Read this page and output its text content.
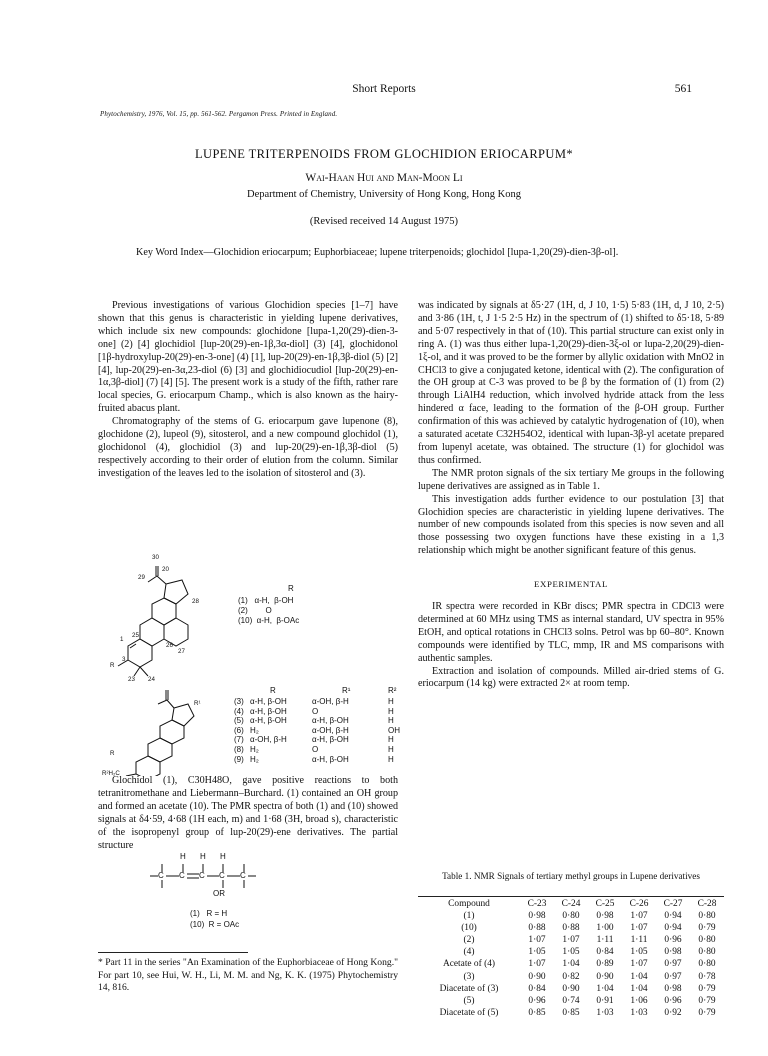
Short Reports	561
Phytochemistry, 1976, Vol. 15, pp. 561-562. Pergamon Press. Printed in England.
LUPENE TRITERPENOIDS FROM GLOCHIDION ERIOCARPUM*
Wai-Haan Hui and Man-Moon Li
Department of Chemistry, University of Hong Kong, Hong Kong
(Revised received 14 August 1975)
Key Word Index—Glochidion eriocarpum; Euphorbiaceae; lupene triterpenoids; glochidol [lupa-1,20(29)-dien-3β-ol].

Previous investigations of various Glochidion species [1–7] have shown that this genus is characteristic in yielding lupene derivatives, which include six new compounds: glochidone [lupa-1,20(29)-dien-3-one] (2) [4] glochidiol [lup-20(29)-en-1β,3α-diol] (3) [4], glochidonol [1β-hydroxylup-20(29)-en-3-one] (4) [1], lup-20(29)-en-1β,3β-diol (5) [2] [4], lup-20(29)-en-3α,23-diol (6) [3] and glochidiocudiol [lup-20(29)-en-1α,3β-diol] (7) [4] [5]. The present work is a study of the fifth, rather rare local species, G. eriocarpum Champ., which is also known as the hairy-fruited abacus plant.

Chromatography of the stems of G. eriocarpum gave lupenone (8), glochidone (2), lupeol (9), sitosterol, and a new compound glochidol (1), glochidonol (4), glochidiol (3) and lup-20(29)-en-1β,3β-diol (5) respectively according to their order of elution from the column. Similar investigation of the leaves led to the isolation of sitosterol and (3).

30
29
20
1
25
26
27
28
3
R
23 24
R
(1)   α-H,  β-OH
(2)        O
(10)  α-H,  β-OAc
R
R¹
R²H₂C
R	R¹	R²
(3) α-H, β-OH	α-OH, β-H	H
(4) α-H, β-OH	O	H
(5) α-H, β-OH	α-H, β-OH	H
(6) H₂	α-OH, β-H	OH
(7) α-OH, β-H	α-H, β-OH	H
(8) H₂	O	H
(9) H₂	α-H, β-OH	H

Glochidol (1), C30H48O, gave positive reactions to both tetranitromethane and Liebermann–Burchard. (1) contained an OH group and formed an acetate (10). The PMR spectra of both (1) and (10) showed signals at δ4·59, 4·68 (1H each, m) and 1·68 (3H, broad s), characteristic of the isopropenyl group of lup-20(29)-ene derivatives. The partial structure

H H H
C C C C C
OR
(1)   R = H
(10)  R = OAc
* Part 11 in the series "An Examination of the Euphorbiaceae of Hong Kong." For part 10, see Hui, W. H., Li, M. M. and Ng, K. K. (1975) Phytochemistry 14, 816.

was indicated by signals at δ5·27 (1H, d, J 10, 1·5) 5·83 (1H, d, J 10, 2·5) and 3·86 (1H, t, J 1·5 2·5 Hz) in the spectrum of (1) shifted to δ5·18, 5·89 and 5·07 respectively in that of (10). This partial structure can exist only in ring A. (1) was thus either lupa-1,20(29)-dien-3ξ-ol or lupa-2,20(29)-dien-1ξ-ol, and it was proved to be the former by allylic oxidation with MnO2 in CHCl3 to give a conjugated ketone, identical with (2). The configuration of the OH group at C-3 was proved to be β by the formation of (1) from (2) through LiAlH4 reduction, which involved hydride attack from the less hindered α face, leading to the formation of the β-OH group. Further confirmation of this was achieved by catalytic hydrogenation of (10), when a saturated acetate C32H54O2, identical with lupan-3β-yl acetate prepared from lupenyl acetate, was obtained. The structure (1) for glochidol was thus confirmed.

The NMR proton signals of the six tertiary Me groups in the following lupene derivatives are assigned as in Table 1.

This investigation adds further evidence to our postulation [3] that Glochidion species are characteristic in yielding lupene derivatives. The number of new compounds isolated from this species is now seven and all those possessing two oxygen functions have these existing in a 1,3 relationship which might be another significant feature of this genus.

EXPERIMENTAL

IR spectra were recorded in KBr discs; PMR spectra in CDCl3 were determined at 60 MHz using TMS as internal standard, UV spectra in 95% EtOH, and optical rotations in CHCl3 solns. Petrol was bp 60–80°. Known compounds were identified by TLC, mmp, IR and MS comparisons with authentic samples.

Extraction and isolation of compounds. Milled air-dried stems of G. eriocarpum (14 kg) were extracted 2× at room temp.

Table 1. NMR Signals of tertiary methyl groups in Lupene derivatives
Compound	C-23	C-24	C-25	C-26	C-27	C-28
(1)	0·98	0·80	0·98	1·07	0·94	0·80
(10)	0·88	0·88	1·00	1·07	0·94	0·79
(2)	1·07	1·07	1·11	1·11	0·96	0·80
(4)	1·05	1·05	0·84	1·05	0·98	0·80
Acetate of (4)	1·07	1·04	0·89	1·07	0·97	0·80
(3)	0·90	0·82	0·90	1·04	0·97	0·78
Diacetate of (3)	0·84	0·90	1·04	1·04	0·98	0·79
(5)	0·96	0·74	0·91	1·06	0·96	0·79
Diacetate of (5)	0·85	0·85	1·03	1·03	0·92	0·79
